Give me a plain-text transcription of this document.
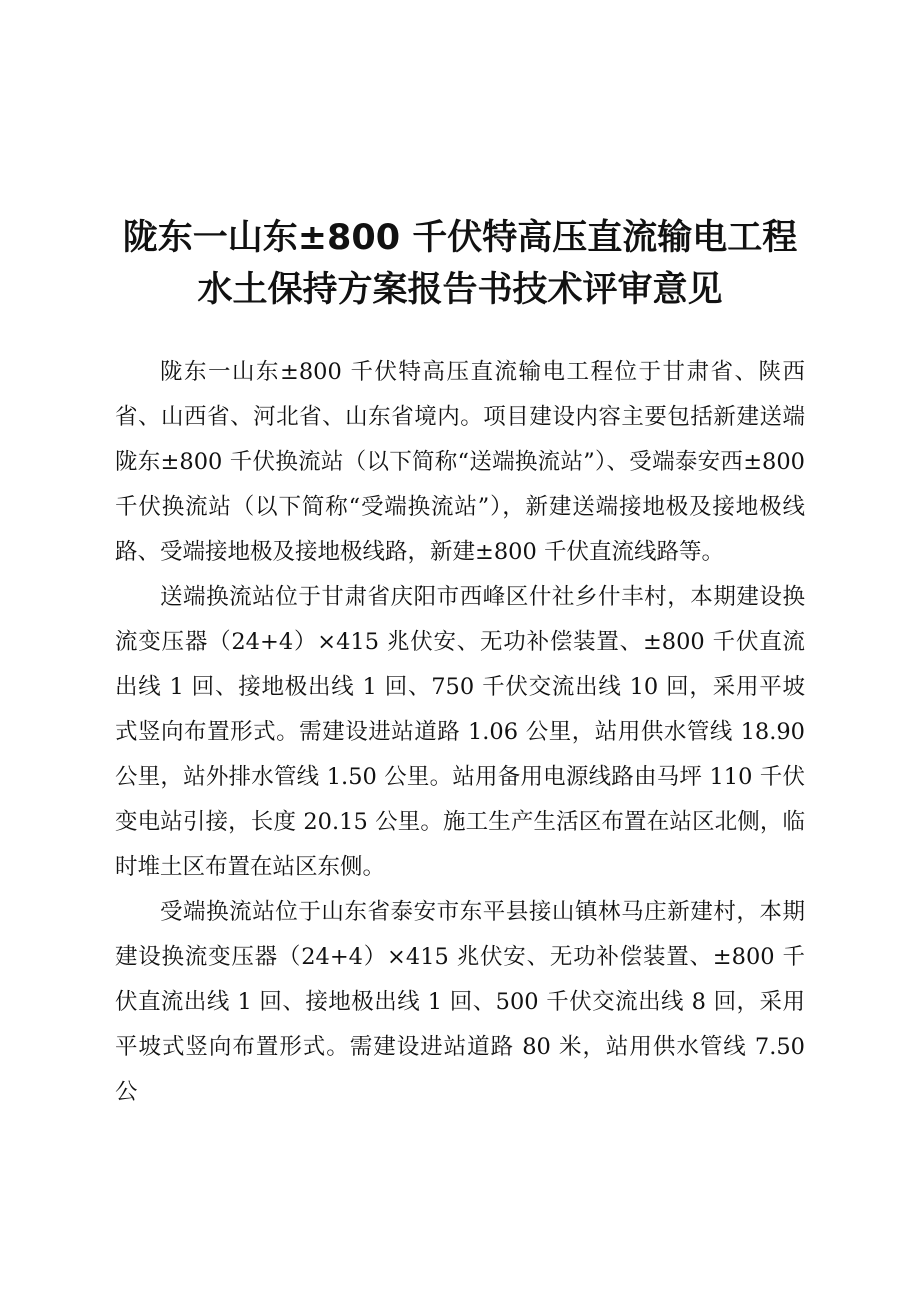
陇东一山东±800 千伏特高压直流输电工程
水土保持方案报告书技术评审意见

陇东一山东±800 千伏特高压直流输电工程位于甘肃省、陕西省、山西省、河北省、山东省境内。项目建设内容主要包括新建送端陇东±800 千伏换流站（以下简称“送端换流站”）、受端泰安西±800 千伏换流站（以下简称“受端换流站”），新建送端接地极及接地极线路、受端接地极及接地极线路，新建±800 千伏直流线路等。

送端换流站位于甘肃省庆阳市西峰区什社乡什丰村，本期建设换流变压器（24+4）×415 兆伏安、无功补偿装置、±800 千伏直流出线 1 回、接地极出线 1 回、750 千伏交流出线 10 回，采用平坡式竖向布置形式。需建设进站道路 1.06 公里，站用供水管线 18.90 公里，站外排水管线 1.50 公里。站用备用电源线路由马坪 110 千伏变电站引接，长度 20.15 公里。施工生产生活区布置在站区北侧，临时堆土区布置在站区东侧。

受端换流站位于山东省泰安市东平县接山镇林马庄新建村，本期建设换流变压器（24+4）×415 兆伏安、无功补偿装置、±800 千伏直流出线 1 回、接地极出线 1 回、500 千伏交流出线 8 回，采用平坡式竖向布置形式。需建设进站道路 80 米，站用供水管线 7.50 公
